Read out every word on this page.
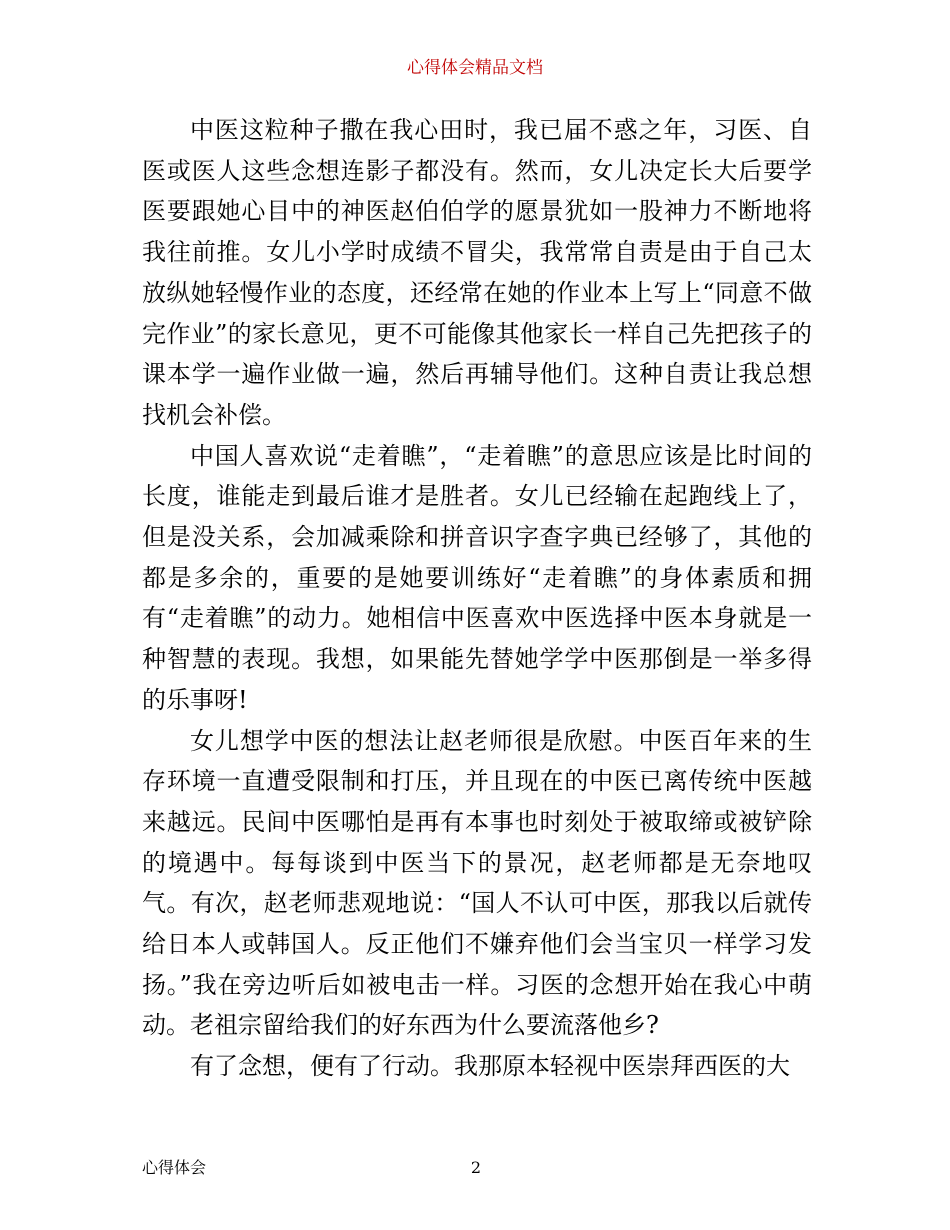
心得体会精品文档

中医这粒种子撒在我心田时，我已届不惑之年，习医、自医或医人这些念想连影子都没有。然而，女儿决定长大后要学医要跟她心目中的神医赵伯伯学的愿景犹如一股神力不断地将我往前推。女儿小学时成绩不冒尖，我常常自责是由于自己太放纵她轻慢作业的态度，还经常在她的作业本上写上“同意不做完作业”的家长意见，更不可能像其他家长一样自己先把孩子的课本学一遍作业做一遍，然后再辅导他们。这种自责让我总想找机会补偿。

中国人喜欢说“走着瞧”，“走着瞧”的意思应该是比时间的长度，谁能走到最后谁才是胜者。女儿已经输在起跑线上了，但是没关系，会加减乘除和拼音识字查字典已经够了，其他的都是多余的，重要的是她要训练好“走着瞧”的身体素质和拥有“走着瞧”的动力。她相信中医喜欢中医选择中医本身就是一种智慧的表现。我想，如果能先替她学学中医那倒是一举多得的乐事呀!

女儿想学中医的想法让赵老师很是欣慰。中医百年来的生存环境一直遭受限制和打压，并且现在的中医已离传统中医越来越远。民间中医哪怕是再有本事也时刻处于被取缔或被铲除的境遇中。每每谈到中医当下的景况，赵老师都是无奈地叹气。有次，赵老师悲观地说：“国人不认可中医，那我以后就传给日本人或韩国人。反正他们不嫌弃他们会当宝贝一样学习发扬。”我在旁边听后如被电击一样。习医的念想开始在我心中萌动。老祖宗留给我们的好东西为什么要流落他乡?

有了念想，便有了行动。我那原本轻视中医崇拜西医的大

心得体会	2
